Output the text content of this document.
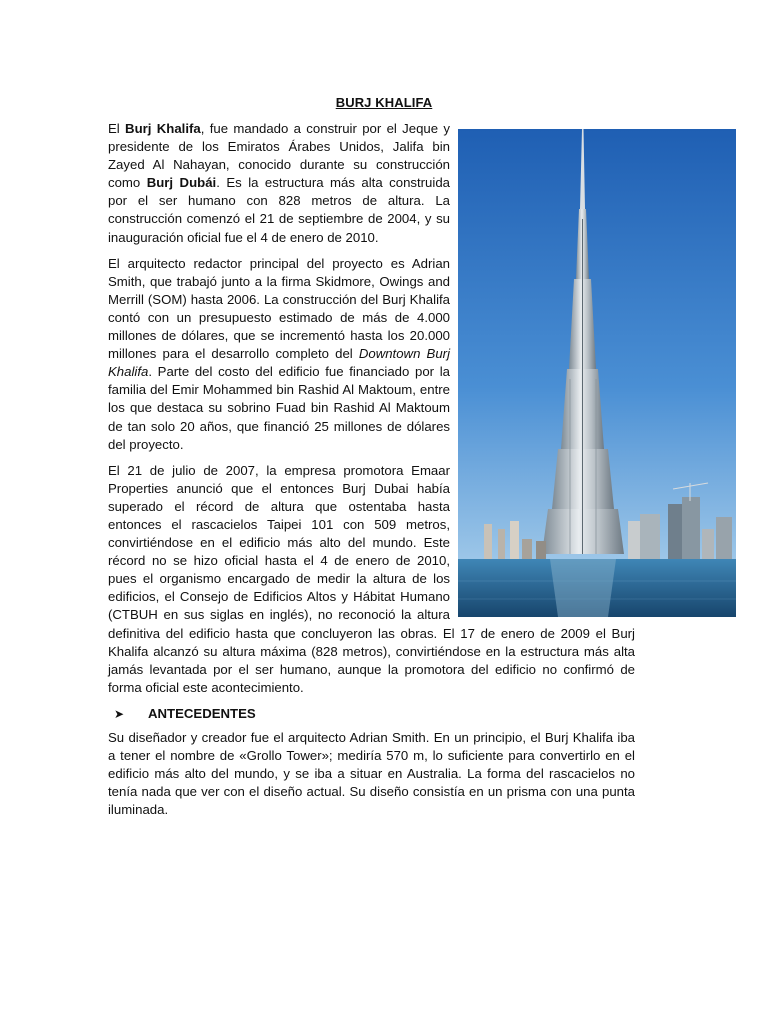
BURJ KHALIFA

El Burj Khalifa, fue mandado a construir por el Jeque y presidente de los Emiratos Árabes Unidos, Jalifa bin Zayed Al Nahayan, conocido durante su construcción como Burj Dubái. Es la estructura más alta construida por el ser humano con 828 metros de altura. La construcción comenzó el 21 de septiembre de 2004, y su inauguración oficial fue el 4 de enero de 2010.

El arquitecto redactor principal del proyecto es Adrian Smith, que trabajó junto a la firma Skidmore, Owings and Merrill (SOM) hasta 2006. La construcción del Burj Khalifa contó con un presupuesto estimado de más de 4.000 millones de dólares, que se incrementó hasta los 20.000 millones para el desarrollo completo del Downtown Burj Khalifa. Parte del costo del edificio fue financiado por la familia del Emir Mohammed bin Rashid Al Maktoum, entre los que destaca su sobrino Fuad bin Rashid Al Maktoum de tan solo 20 años, que financió 25 millones de dólares del proyecto.

El 21 de julio de 2007, la empresa promotora Emaar Properties anunció que el entonces Burj Dubai había superado el récord de altura que ostentaba hasta entonces el rascacielos Taipei 101 con 509 metros, convirtiéndose en el edificio más alto del mundo. Este récord no se hizo oficial hasta el 4 de enero de 2010, pues el organismo encargado de medir la altura de los edificios, el Consejo de Edificios Altos y Hábitat Humano (CTBUH en sus siglas en inglés), no reconoció la altura definitiva del edificio hasta que concluyeron las obras. El 17 de enero de 2009 el Burj Khalifa alcanzó su altura máxima (828 metros), convirtiéndose en la estructura más alta jamás levantada por el ser humano, aunque la promotora del edificio no confirmó de forma oficial este acontecimiento.

➤	ANTECEDENTES

Su diseñador y creador fue el arquitecto Adrian Smith. En un principio, el Burj Khalifa iba a tener el nombre de «Grollo Tower»; mediría 570 m, lo suficiente para convertirlo en el edificio más alto del mundo, y se iba a situar en Australia. La forma del rascacielos no tenía nada que ver con el diseño actual. Su diseño consistía en un prisma con una punta iluminada.
